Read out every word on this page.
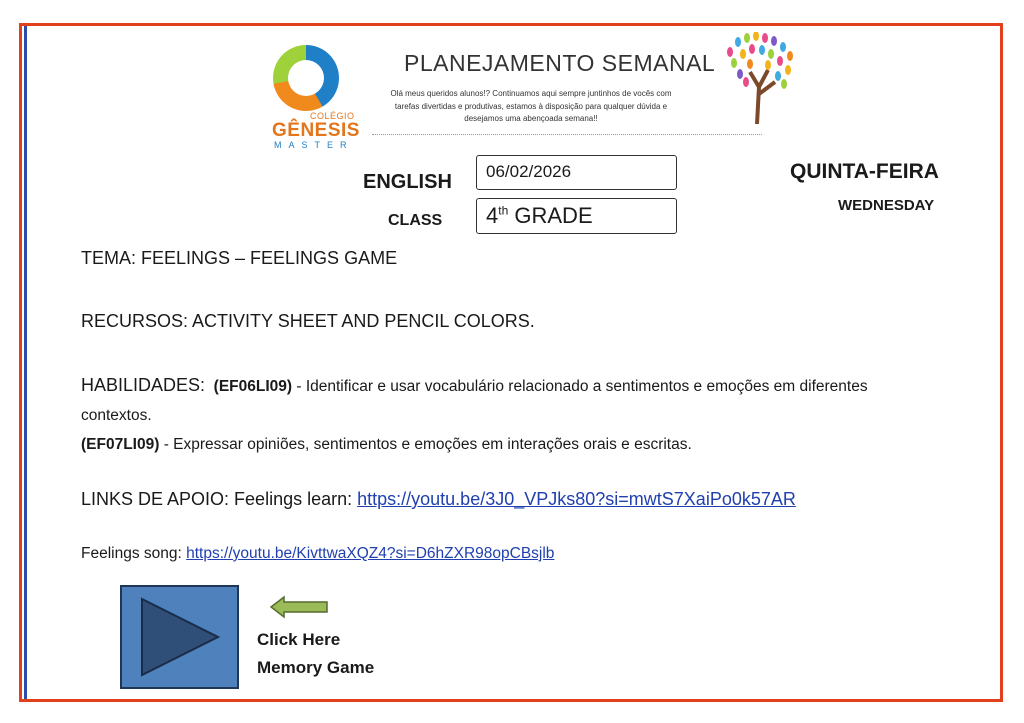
COLÉGIO
GÊNESIS
MASTER
PLANEJAMENTO SEMANAL
Olá meus queridos alunos!? Continuamos aqui sempre juntinhos de vocês com tarefas divertidas e produtivas, estamos à disposição para qualquer dúvida e desejamos uma abençoada semana!!
ENGLISH
CLASS
06/02/2026
4th GRADE
QUINTA-FEIRA
WEDNESDAY
TEMA: FEELINGS – FEELINGS GAME
RECURSOS: ACTIVITY SHEET AND PENCIL COLORS.
HABILIDADES: (EF06LI09) - Identificar e usar vocabulário relacionado a sentimentos e emoções em diferentes contextos.
(EF07LI09) - Expressar opiniões, sentimentos e emoções em interações orais e escritas.
LINKS DE APOIO: Feelings learn: https://youtu.be/3J0_VPJks80?si=mwtS7XaiPo0k57AR
Feelings song: https://youtu.be/KivttwaXQZ4?si=D6hZXR98opCBsjlb
Click Here
Memory Game
